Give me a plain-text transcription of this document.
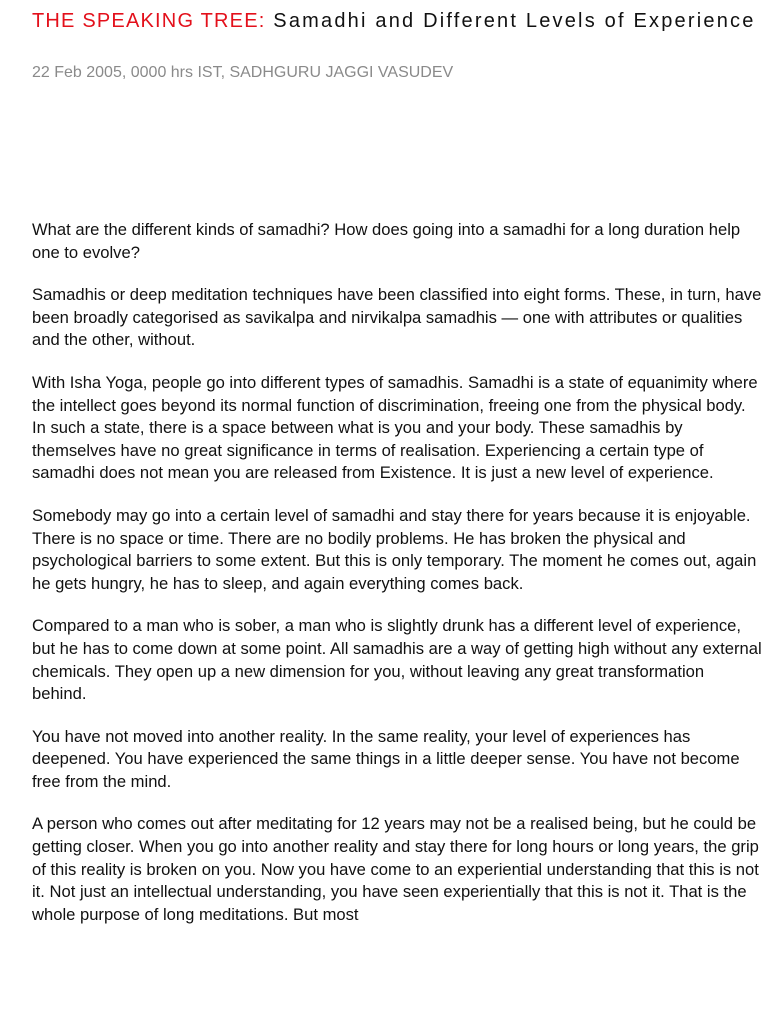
THE SPEAKING TREE: Samadhi and Different Levels of Experience
22 Feb 2005, 0000 hrs IST, SADHGURU JAGGI VASUDEV

What are the different kinds of samadhi? How does going into a samadhi for a long duration help one to evolve?

Samadhis or deep meditation techniques have been classified into eight forms. These, in turn, have been broadly categorised as savikalpa and nirvikalpa samadhis — one with attributes or qualities and the other, without.

With Isha Yoga, people go into different types of samadhis. Samadhi is a state of equanimity where the intellect goes beyond its normal function of discrimination, freeing one from the physical body. In such a state, there is a space between what is you and your body. These samadhis by themselves have no great significance in terms of realisation. Experiencing a certain type of samadhi does not mean you are released from Existence. It is just a new level of experience.

Somebody may go into a certain level of samadhi and stay there for years because it is enjoyable. There is no space or time. There are no bodily problems. He has broken the physical and psychological barriers to some extent. But this is only temporary. The moment he comes out, again he gets hungry, he has to sleep, and again everything comes back.

Compared to a man who is sober, a man who is slightly drunk has a different level of experience, but he has to come down at some point. All samadhis are a way of getting high without any external chemicals. They open up a new dimension for you, without leaving any great transformation behind.

You have not moved into another reality. In the same reality, your level of experiences has deepened. You have experienced the same things in a little deeper sense. You have not become free from the mind.

A person who comes out after meditating for 12 years may not be a realised being, but he could be getting closer. When you go into another reality and stay there for long hours or long years, the grip of this reality is broken on you. Now you have come to an experiential understanding that this is not it. Not just an intellectual understanding, you have seen experientially that this is not it. That is the whole purpose of long meditations. But most
